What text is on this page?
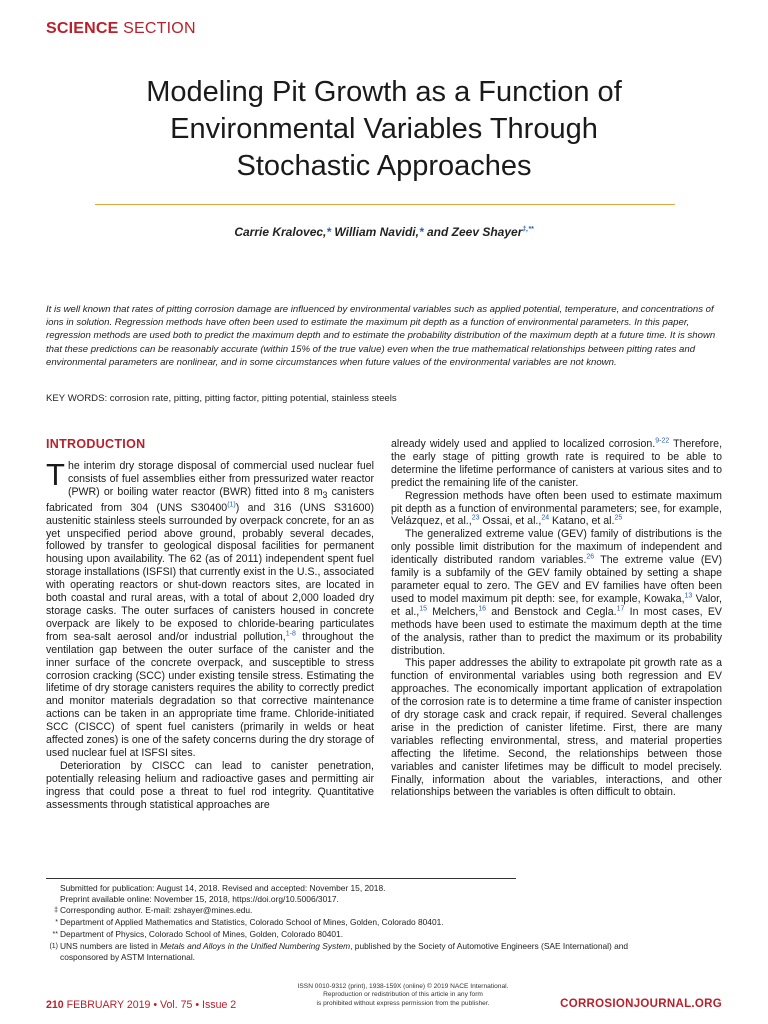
SCIENCE SECTION
Modeling Pit Growth as a Function of
Environmental Variables Through
Stochastic Approaches
Carrie Kralovec,* William Navidi,* and Zeev Shayer‡,**

It is well known that rates of pitting corrosion damage are influenced by environmental variables such as applied potential, temperature, and concentrations of ions in solution. Regression methods have often been used to estimate the maximum pit depth as a function of environmental parameters. In this paper, regression methods are used both to predict the maximum depth and to estimate the probability distribution of the maximum depth at a future time. It is shown that these predictions can be reasonably accurate (within 15% of the true value) even when the true mathematical relationships between pitting rates and environmental parameters are nonlinear, and in some circumstances when future values of the environmental variables are not known.

KEY WORDS: corrosion rate, pitting, pitting factor, pitting potential, stainless steels
INTRODUCTION

The interim dry storage disposal of commercial used nuclear fuel consists of fuel assemblies either from pressurized water reactor (PWR) or boiling water reactor (BWR) fitted into 8 $m_3$ canisters fabricated from 304 (UNS S30400$^{(1)}$) and 316 (UNS S31600) austenitic stainless steels surrounded by overpack concrete, for an as yet unspecified period above ground, probably several decades, followed by transfer to geological disposal facilities for permanent housing upon availability. The 62 (as of 2011) independent spent fuel storage installations (ISFSI) that currently exist in the U.S., associated with operating reactors or shut-down reactors sites, are located in both coastal and rural areas, with a total of about 2,000 loaded dry storage casks. The outer surfaces of canisters housed in concrete overpack are likely to be exposed to chloride-bearing particulates from sea-salt aerosol and/or industrial pollution,$^{1-8}$ throughout the ventilation gap between the outer surface of the canister and the inner surface of the concrete overpack, and susceptible to stress corrosion cracking (SCC) under existing tensile stress. Estimating the lifetime of dry storage canisters requires the ability to correctly predict and monitor materials degradation so that corrective maintenance actions can be taken in an appropriate time frame. Chloride-initiated SCC (CISCC) of spent fuel canisters (primarily in welds or heat affected zones) is one of the safety concerns during the dry storage of used nuclear fuel at ISFSI sites.

Deterioration by CISCC can lead to canister penetration, potentially releasing helium and radioactive gases and permitting air ingress that could pose a threat to fuel rod integrity. Quantitative assessments through statistical approaches are

already widely used and applied to localized corrosion.$^{9-22}$ Therefore, the early stage of pitting growth rate is required to be able to determine the lifetime performance of canisters at various sites and to predict the remaining life of the canister.

Regression methods have often been used to estimate maximum pit depth as a function of environmental parameters; see, for example, Velázquez, et al.,$^{23}$ Ossai, et al.,$^{24}$ Katano, et al.$^{25}$

The generalized extreme value (GEV) family of distributions is the only possible limit distribution for the maximum of independent and identically distributed random variables.$^{26}$ The extreme value (EV) family is a subfamily of the GEV family obtained by setting a shape parameter equal to zero. The GEV and EV families have often been used to model maximum pit depth: see, for example, Kowaka,$^{13}$ Valor, et al.,$^{15}$ Melchers,$^{16}$ and Benstock and Cegla.$^{17}$ In most cases, EV methods have been used to estimate the maximum depth at the time of the analysis, rather than to predict the maximum or its probability distribution.

This paper addresses the ability to extrapolate pit growth rate as a function of environmental variables using both regression and EV approaches. The economically important application of extrapolation of the corrosion rate is to determine a time frame of canister inspection of dry storage cask and crack repair, if required. Several challenges arise in the prediction of canister lifetime. First, there are many variables reflecting environmental, stress, and material properties affecting the lifetime. Second, the relationships between those variables and canister lifetimes may be difficult to model precisely. Finally, information about the variables, interactions, and other relationships between the variables is often difficult to obtain.

Submitted for publication: August 14, 2018. Revised and accepted: November 15, 2018.
Preprint available online: November 15, 2018, https://doi.org/10.5006/3017.
‡ Corresponding author. E-mail: zshayer@mines.edu.
* Department of Applied Mathematics and Statistics, Colorado School of Mines, Golden, Colorado 80401.
** Department of Physics, Colorado School of Mines, Golden, Colorado 80401.
(1) UNS numbers are listed in Metals and Alloys in the Unified Numbering System, published by the Society of Automotive Engineers (SAE International) and
cosponsored by ASTM International.
210 FEBRUARY 2019 • Vol. 75 • Issue 2
ISSN 0010-9312 (print), 1938-159X (online) © 2019 NACE International.
Reproduction or redistribution of this article in any form
is prohibited without express permission from the publisher.	CORROSIONJOURNAL.ORG
